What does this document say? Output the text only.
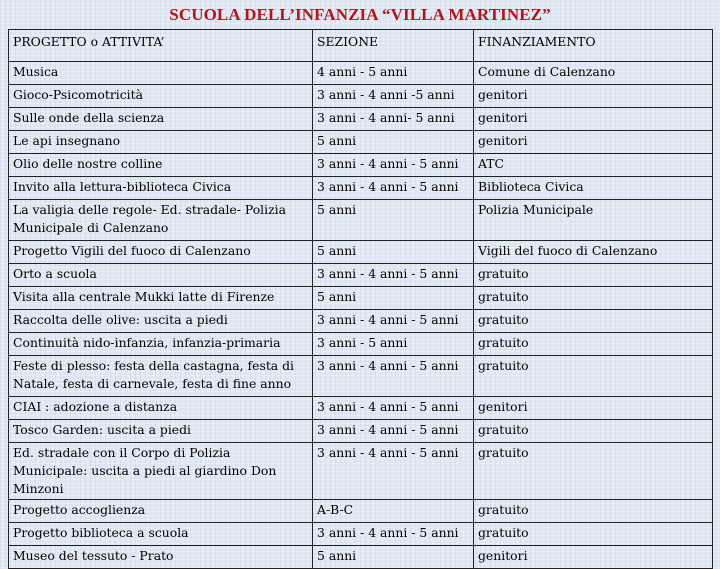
SCUOLA DELL’INFANZIA “VILLA MARTINEZ”
PROGETTO o ATTIVITA’	SEZIONE	FINANZIAMENTO
Musica	4 anni - 5 anni	Comune di Calenzano
Gioco-Psicomotricità	3 anni - 4 anni -5 anni	genitori
Sulle onde della scienza	3 anni - 4 anni- 5 anni	genitori
Le api insegnano	5 anni	genitori
Olio delle nostre colline	3 anni - 4 anni - 5 anni	ATC
Invito alla lettura-biblioteca Civica	3 anni - 4 anni - 5 anni	Biblioteca Civica
La valigia delle regole- Ed. stradale- Polizia Municipale di Calenzano	5 anni	Polizia Municipale
Progetto Vigili del fuoco di Calenzano	5 anni	Vigili del fuoco di Calenzano
Orto a scuola	3 anni - 4 anni - 5 anni	gratuito
Visita alla centrale Mukki latte di Firenze	5 anni	gratuito
Raccolta delle olive: uscita a piedi	3 anni - 4 anni - 5 anni	gratuito
Continuità nido-infanzia, infanzia-primaria	3 anni - 5 anni	gratuito
Feste di plesso: festa della castagna, festa di Natale, festa di carnevale, festa di fine anno	3 anni - 4 anni - 5 anni	gratuito
CIAI : adozione a distanza	3 anni - 4 anni - 5 anni	genitori
Tosco Garden: uscita a piedi	3 anni - 4 anni - 5 anni	gratuito
Ed. stradale con il Corpo di Polizia Municipale: uscita a piedi al giardino Don Minzoni	3 anni - 4 anni - 5 anni	gratuito
Progetto accoglienza	A-B-C	gratuito
Progetto biblioteca a scuola	3 anni - 4 anni - 5 anni	gratuito
Museo del tessuto - Prato	5 anni	genitori
